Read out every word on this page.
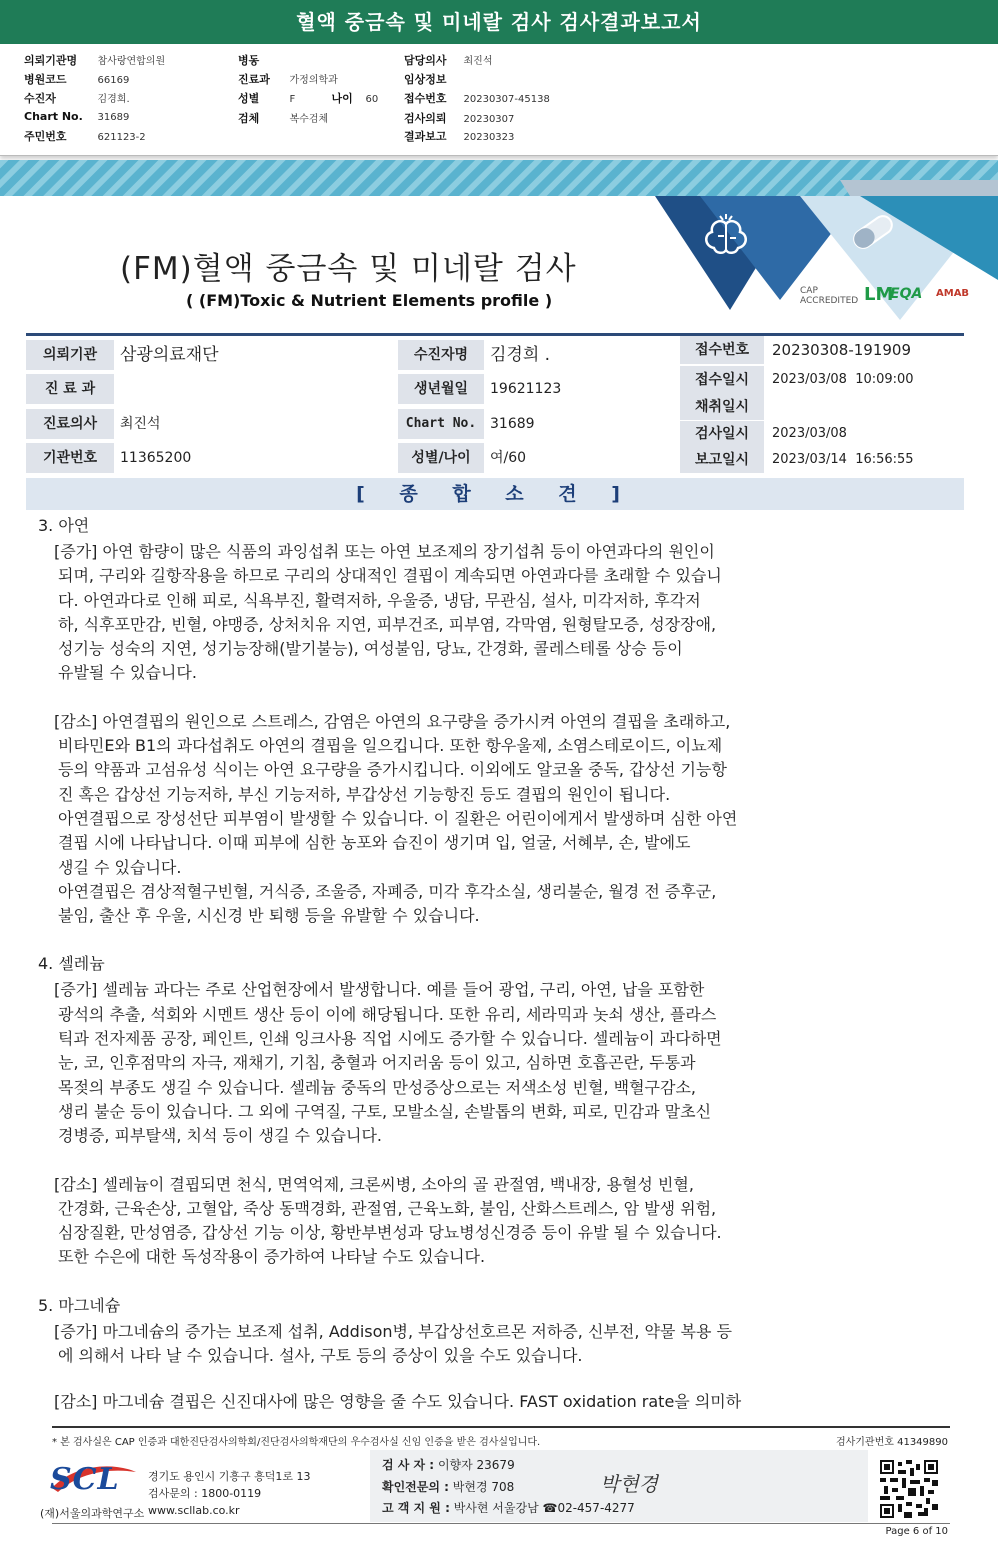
혈액 중금속 및 미네랄 검사 검사결과보고서
의뢰기관명 참사랑연합의원
병원코드	66169
수진자	김경희.
Chart No. 31689
주민번호	621123-2
병동
진료과 가정의학과
성별	F	나이 60
검체	복수검체
담당의사 최진석
임상정보
접수번호 20230307-45138
검사의뢰 20230307
결과보고 20230323
(FM)혈액 중금속 및 미네랄 검사
( (FM)Toxic & Nutrient Elements profile )	CAP ACCREDITED LM
EQA AMAB
의뢰기관	삼광의료재단
진 료 과
진료의사	최진석
기관번호	11365200
수진자명	김경희 .
생년월일	19621123
Chart No. 31689
성별/나이	여/60
접수번호	20230308-191909
접수일시	2023/03/08  10:09:00
채취일시
검사일시	2023/03/08
보고일시	2023/03/14  16:56:55
[ 종 합 소 견 ]
3. 아연
[증가] 아연 함량이 많은 식품의 과잉섭취 또는 아연 보조제의 장기섭취 등이 아연과다의 원인이
되며, 구리와 길항작용을 하므로 구리의 상대적인 결핍이 계속되면 아연과다를 초래할 수 있습니
다. 아연과다로 인해 피로, 식욕부진, 활력저하, 우울증, 냉담, 무관심, 설사, 미각저하, 후각저
하, 식후포만감, 빈혈, 야맹증, 상처치유 지연, 피부건조, 피부염, 각막염, 원형탈모증, 성장장애,
성기능 성숙의 지연, 성기능장해(발기불능), 여성불임, 당뇨, 간경화, 콜레스테롤 상승 등이
유발될 수 있습니다.
[감소] 아연결핍의 원인으로 스트레스, 감염은 아연의 요구량을 증가시켜 아연의 결핍을 초래하고,
비타민E와 B1의 과다섭취도 아연의 결핍을 일으킵니다. 또한 항우울제, 소염스테로이드, 이뇨제
등의 약품과 고섬유성 식이는 아연 요구량을 증가시킵니다. 이외에도 알코올 중독, 갑상선 기능항
진 혹은 갑상선 기능저하, 부신 기능저하, 부갑상선 기능항진 등도 결핍의 원인이 됩니다.
아연결핍으로 장성선단 피부염이 발생할 수 있습니다. 이 질환은 어린이에게서 발생하며 심한 아연
결핍 시에 나타납니다. 이때 피부에 심한 농포와 습진이 생기며 입, 얼굴, 서혜부, 손, 발에도
생길 수 있습니다.
아연결핍은 겸상적혈구빈혈, 거식증, 조울증, 자폐증, 미각 후각소실, 생리불순, 월경 전 증후군,
불임, 출산 후 우울, 시신경 반 퇴행 등을 유발할 수 있습니다.
4. 셀레늄
[증가] 셀레늄 과다는 주로 산업현장에서 발생합니다. 예를 들어 광업, 구리, 아연, 납을 포함한
광석의 추출, 석회와 시멘트 생산 등이 이에 해당됩니다. 또한 유리, 세라믹과 놋쇠 생산, 플라스
틱과 전자제품 공장, 페인트, 인쇄 잉크사용 직업 시에도 증가할 수 있습니다. 셀레늄이 과다하면
눈, 코, 인후점막의 자극, 재채기, 기침, 충혈과 어지러움 등이 있고, 심하면 호흡곤란, 두통과
목젖의 부종도 생길 수 있습니다. 셀레늄 중독의 만성증상으로는 저색소성 빈혈, 백혈구감소,
생리 불순 등이 있습니다. 그 외에 구역질, 구토, 모발소실, 손발톱의 변화, 피로, 민감과 말초신
경병증, 피부탈색, 치석 등이 생길 수 있습니다.
[감소] 셀레늄이 결핍되면 천식, 면역억제, 크론씨병, 소아의 골 관절염, 백내장, 용혈성 빈혈,
간경화, 근육손상, 고혈압, 죽상 동맥경화, 관절염, 근육노화, 불임, 산화스트레스, 암 발생 위험,
심장질환, 만성염증, 갑상선 기능 이상, 황반부변성과 당뇨병성신경증 등이 유발 될 수 있습니다.
또한 수은에 대한 독성작용이 증가하여 나타날 수도 있습니다.
5. 마그네슘
[증가] 마그네슘의 증가는 보조제 섭취, Addison병, 부갑상선호르몬 저하증, 신부전, 약물 복용 등
에 의해서 나타 날 수 있습니다. 설사, 구토 등의 증상이 있을 수도 있습니다.
[감소] 마그네슘 결핍은 신진대사에 많은 영향을 줄 수도 있습니다. FAST oxidation rate을 의미하
* 본 검사실은 CAP 인증과 대한진단검사의학회/진단검사의학재단의 우수검사실 신임 인증을 받은 검사실입니다.	검사기관번호 41349890
SCL
(재)서울의과학연구소
경기도 용인시 기흥구 흥덕1로 13
검사문의 : 1800-0119
www.scllab.co.kr
검 사 자 : 이향자 23679
확인전문의 : 박현경 708
고 객 지 원 : 박사현 서울강남 ☎02-457-4277
박현경
Page 6 of 10
